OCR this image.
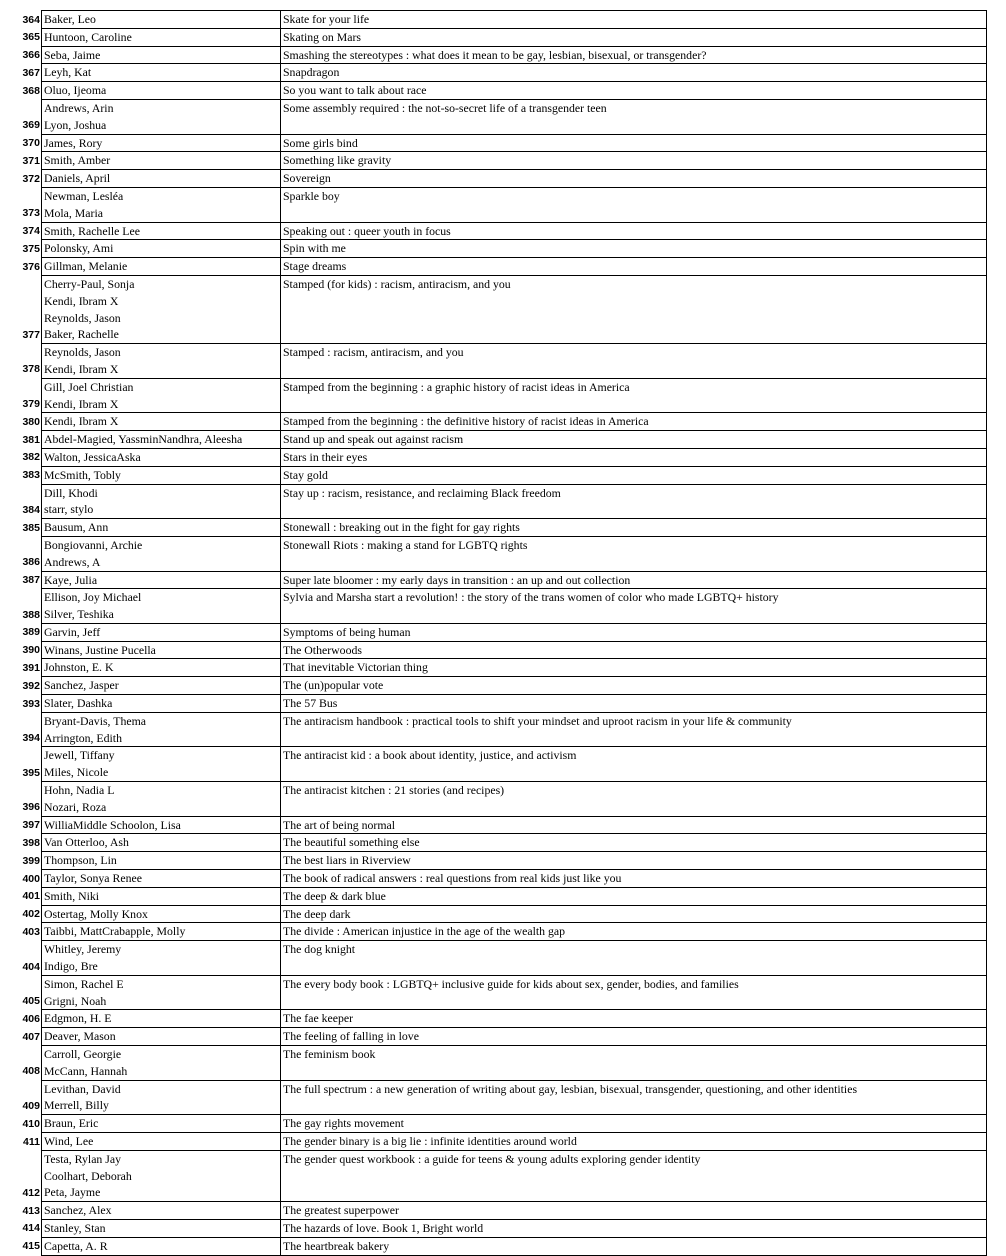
364	Baker, Leo	Skate for your life

365	Huntoon, Caroline	Skating on Mars

366	Seba, Jaime	Smashing the stereotypes : what does it mean to be gay, lesbian, bisexual, or transgender?

367	Leyh, Kat	Snapdragon

368	Oluo, Ijeoma	So you want to talk about race

369	Andrews, Arin
Lyon, Joshua	Some assembly required : the not-so-secret life of a transgender teen

370	James, Rory	Some girls bind

371	Smith, Amber	Something like gravity

372	Daniels, April	Sovereign

373	Newman, Lesléa
Mola, Maria	Sparkle boy

374	Smith, Rachelle Lee	Speaking out : queer youth in focus

375	Polonsky, Ami	Spin with me

376	Gillman, Melanie	Stage dreams

377	Cherry-Paul, Sonja
Kendi, Ibram X
Reynolds, Jason
Baker, Rachelle	Stamped (for kids) : racism, antiracism, and you

378	Reynolds, Jason
Kendi, Ibram X	Stamped : racism, antiracism, and you

379	Gill, Joel Christian
Kendi, Ibram X	Stamped from the beginning : a graphic history of racist ideas in America

380	Kendi, Ibram X	Stamped from the beginning : the definitive history of racist ideas in America

381	Abdel-Magied, YassminNandhra, Aleesha	Stand up and speak out against racism

382	Walton, JessicaAska	Stars in their eyes

383	McSmith, Tobly	Stay gold

384	Dill, Khodi
starr, stylo	Stay up : racism, resistance, and reclaiming Black freedom

385	Bausum, Ann	Stonewall : breaking out in the fight for gay rights

386	Bongiovanni, Archie
Andrews, A	Stonewall Riots : making a stand for LGBTQ rights

387	Kaye, Julia	Super late bloomer : my early days in transition : an up and out collection

388	Ellison, Joy Michael
Silver, Teshika	Sylvia and Marsha start a revolution! : the story of the trans women of color who made LGBTQ+ history

389	Garvin, Jeff	Symptoms of being human

390	Winans, Justine Pucella	The Otherwoods

391	Johnston, E. K	That inevitable Victorian thing

392	Sanchez, Jasper	The (un)popular vote

393	Slater, Dashka	The 57 Bus

394	Bryant-Davis, Thema
Arrington, Edith	The antiracism handbook : practical tools to shift your mindset and uproot racism in your life & community

395	Jewell, Tiffany
Miles, Nicole	The antiracist kid : a book about identity, justice, and activism

396	Hohn, Nadia L
Nozari, Roza	The antiracist kitchen : 21 stories (and recipes)

397	WilliaMiddle Schoolon, Lisa	The art of being normal

398	Van Otterloo, Ash	The beautiful something else

399	Thompson, Lin	The best liars in Riverview

400	Taylor, Sonya Renee	The book of radical answers : real questions from real kids just like you

401	Smith, Niki	The deep & dark blue

402	Ostertag, Molly Knox	The deep dark

403	Taibbi, MattCrabapple, Molly	The divide : American injustice in the age of the wealth gap

404	Whitley, Jeremy
Indigo, Bre	The dog knight

405	Simon, Rachel E
Grigni, Noah	The every body book : LGBTQ+ inclusive guide for kids about sex, gender, bodies, and families

406	Edgmon, H. E	The fae keeper

407	Deaver, Mason	The feeling of falling in love

408	Carroll, Georgie
McCann, Hannah	The feminism book

409	Levithan, David
Merrell, Billy	The full spectrum : a new generation of writing about gay, lesbian, bisexual, transgender, questioning, and other identities

410	Braun, Eric	The gay rights movement

411	Wind, Lee	The gender binary is a big lie : infinite identities around world

412	Testa, Rylan Jay
Coolhart, Deborah
Peta, Jayme	The gender quest workbook : a guide for teens & young adults exploring gender identity

413	Sanchez, Alex	The greatest superpower

414	Stanley, Stan	The hazards of love. Book 1, Bright world

415	Capetta, A. R	The heartbreak bakery
